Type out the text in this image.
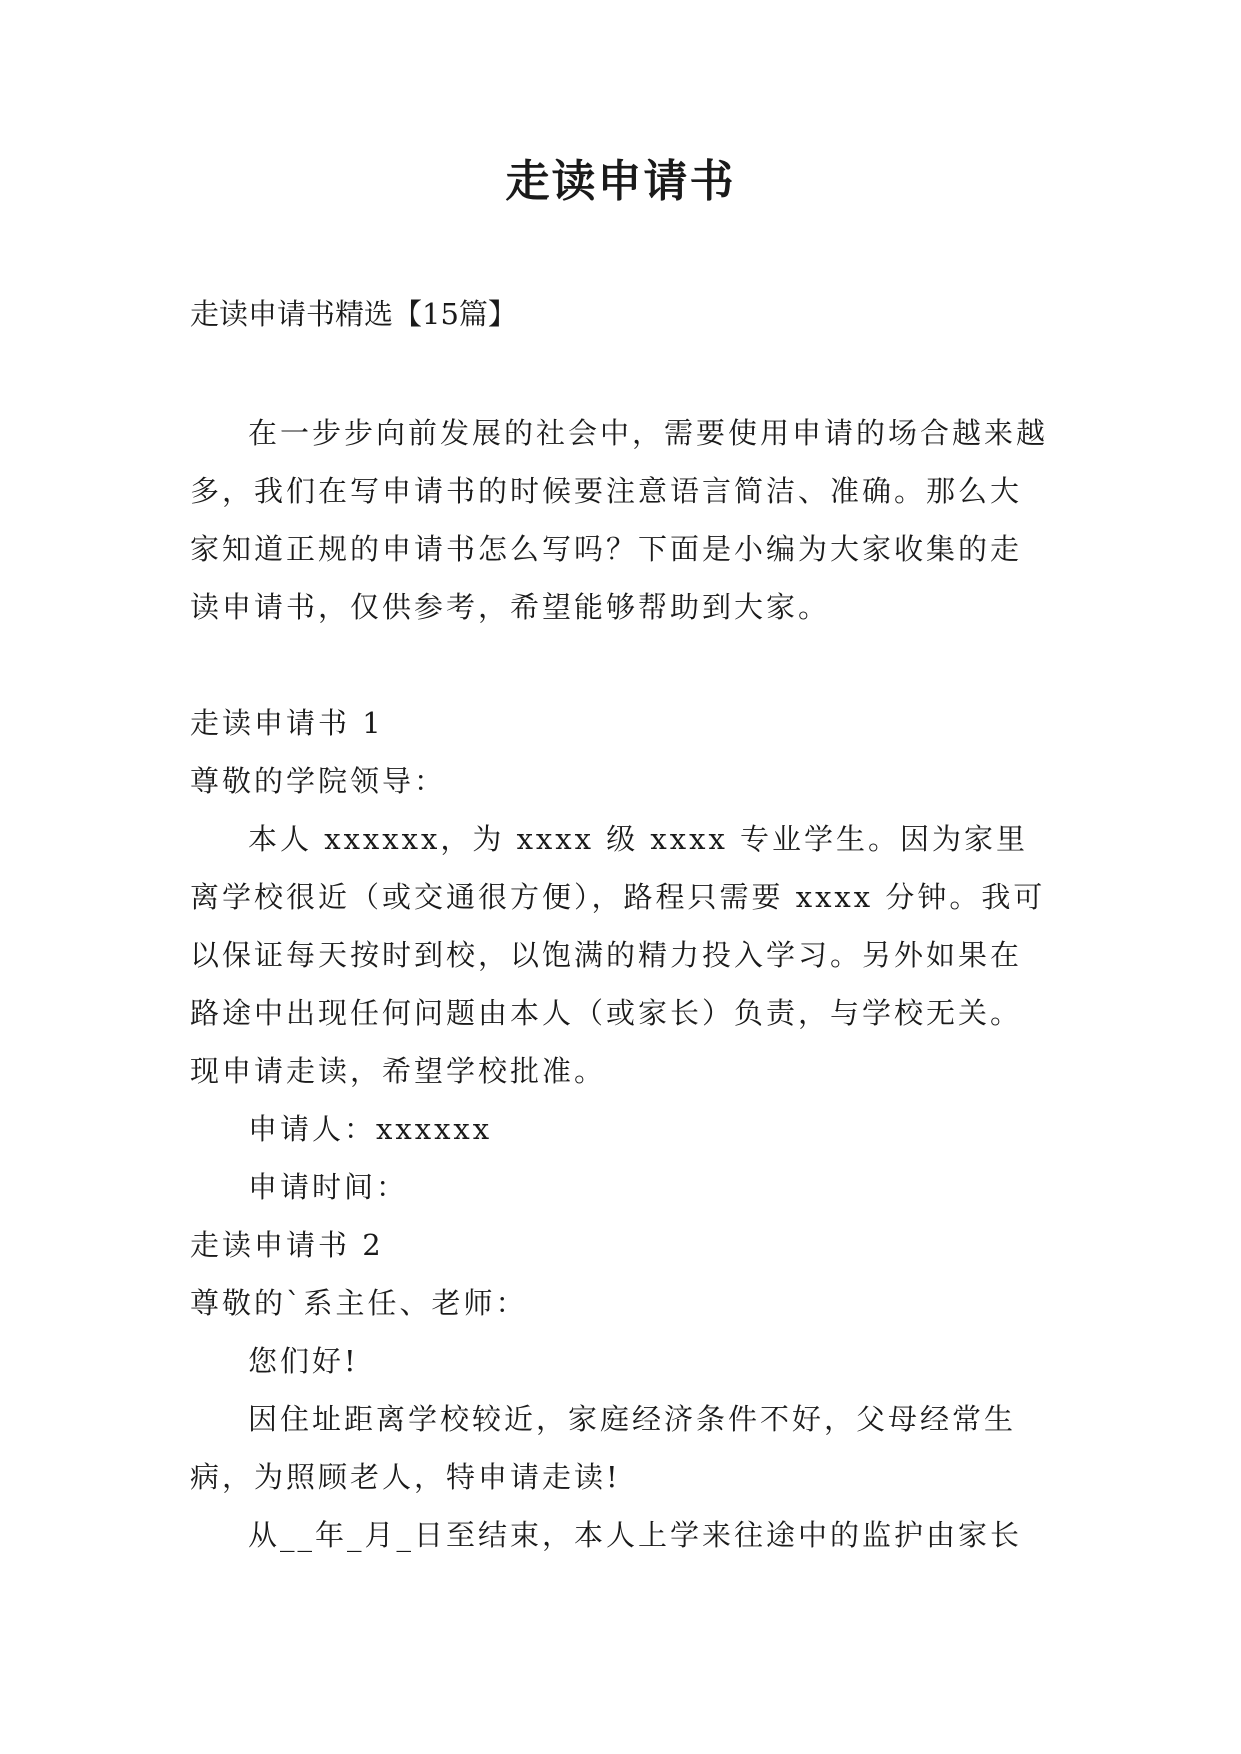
走读申请书

走读申请书精选【15篇】

在一步步向前发展的社会中，需要使用申请的场合越来越多，我们在写申请书的时候要注意语言简洁、准确。那么大家知道正规的申请书怎么写吗？下面是小编为大家收集的走读申请书，仅供参考，希望能够帮助到大家。

走读申请书 1

尊敬的学院领导：

本人 xxxxxx，为 xxxx 级 xxxx 专业学生。因为家里离学校很近（或交通很方便），路程只需要 xxxx 分钟。我可以保证每天按时到校，以饱满的精力投入学习。另外如果在路途中出现任何问题由本人（或家长）负责，与学校无关。现申请走读，希望学校批准。

申请人：xxxxxx

申请时间：

走读申请书 2

尊敬的`系主任、老师：

您们好!

因住址距离学校较近，家庭经济条件不好，父母经常生病，为照顾老人，特申请走读!

从__年_月_日至结束，本人上学来往途中的监护由家长
